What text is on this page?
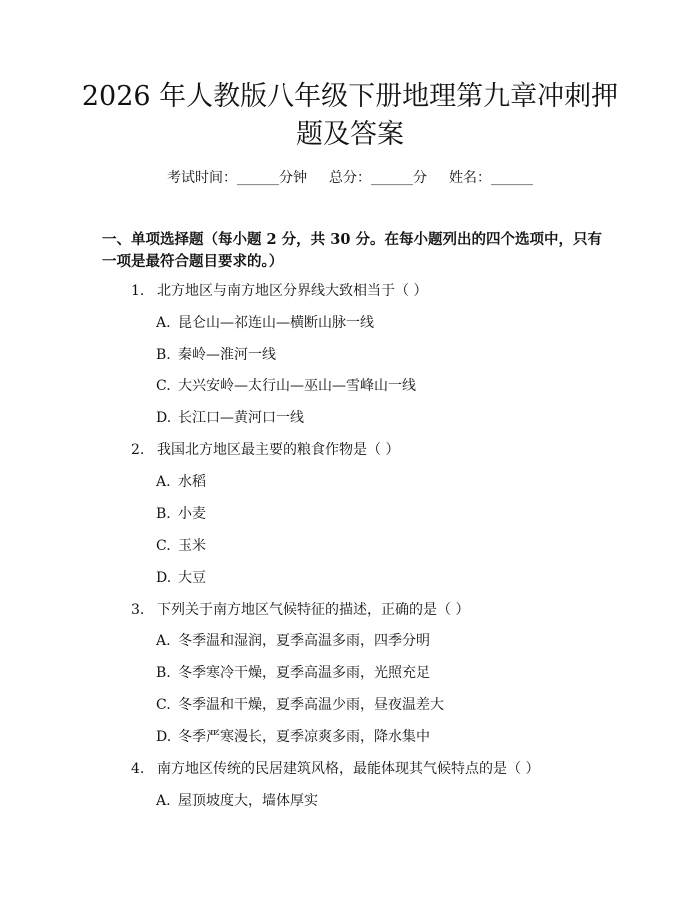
2026 年人教版八年级下册地理第九章冲刺押题及答案
考试时间：______分钟 总分：______分 姓名：______
一、单项选择题（每小题 2 分，共 30 分。在每小题列出的四个选项中，只有一项是最符合题目要求的。）
1. 北方地区与南方地区分界线大致相当于（ ）
A. 昆仑山—祁连山—横断山脉一线
B. 秦岭—淮河一线
C. 大兴安岭—太行山—巫山—雪峰山一线
D. 长江口—黄河口一线
2. 我国北方地区最主要的粮食作物是（ ）
A. 水稻
B. 小麦
C. 玉米
D. 大豆
3. 下列关于南方地区气候特征的描述，正确的是（ ）
A. 冬季温和湿润，夏季高温多雨，四季分明
B. 冬季寒冷干燥，夏季高温多雨，光照充足
C. 冬季温和干燥，夏季高温少雨，昼夜温差大
D. 冬季严寒漫长，夏季凉爽多雨，降水集中
4. 南方地区传统的民居建筑风格，最能体现其气候特点的是（ ）
A. 屋顶坡度大，墙体厚实
